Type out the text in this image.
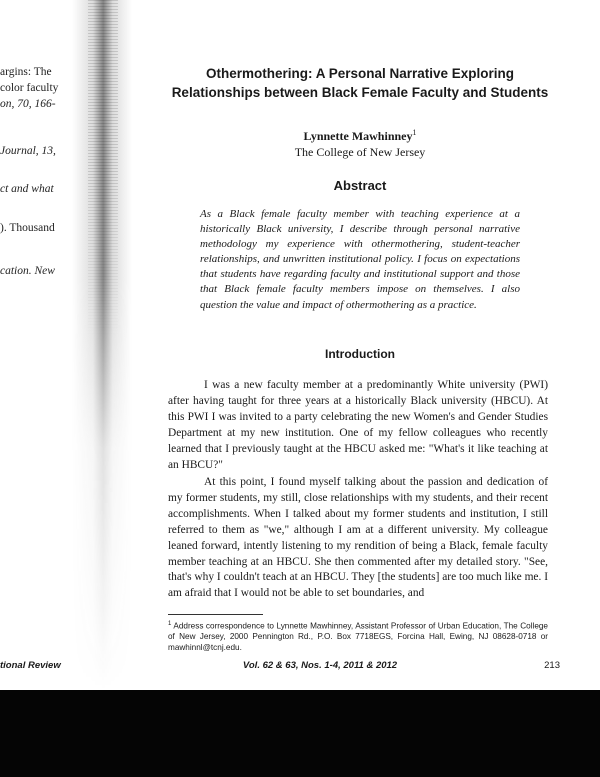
argins: The
color faculty
on, 70, 166-
Journal, 13,
ct and what
). Thousand
cation. New
Othermothering: A Personal Narrative Exploring
Relationships between Black Female Faculty and Students
Lynnette Mawhinney$^1$
The College of New Jersey
Abstract
As a Black female faculty member with teaching experience at a historically Black university, I describe through personal narrative methodology my experience with othermothering, student-teacher relationships, and unwritten institutional policy. I focus on expectations that students have regarding faculty and institutional support and those that Black female faculty members impose on themselves. I also question the value and impact of othermothering as a practice.
Introduction
I was a new faculty member at a predominantly White university (PWI) after having taught for three years at a historically Black university (HBCU). At this PWI I was invited to a party celebrating the new Women's and Gender Studies Department at my new institution. One of my fellow colleagues who recently learned that I previously taught at the HBCU asked me: "What's it like teaching at an HBCU?"
At this point, I found myself talking about the passion and dedication of my former students, my still, close relationships with my students, and their recent accomplishments. When I talked about my former students and institution, I still referred to them as "we," although I am at a different university. My colleague leaned forward, intently listening to my rendition of being a Black, female faculty member teaching at an HBCU. She then commented after my detailed story. "See, that's why I couldn't teach at an HBCU. They [the students] are too much like me. I am afraid that I would not be able to set boundaries, and
$^1$ Address correspondence to Lynnette Mawhinney, Assistant Professor of Urban Education, The College of New Jersey, 2000 Pennington Rd., P.O. Box 7718EGS, Forcina Hall, Ewing, NJ 08628-0718 or mawhinnl@tcnj.edu.
tional Review	Vol. 62 & 63, Nos. 1-4, 2011 & 2012	213
